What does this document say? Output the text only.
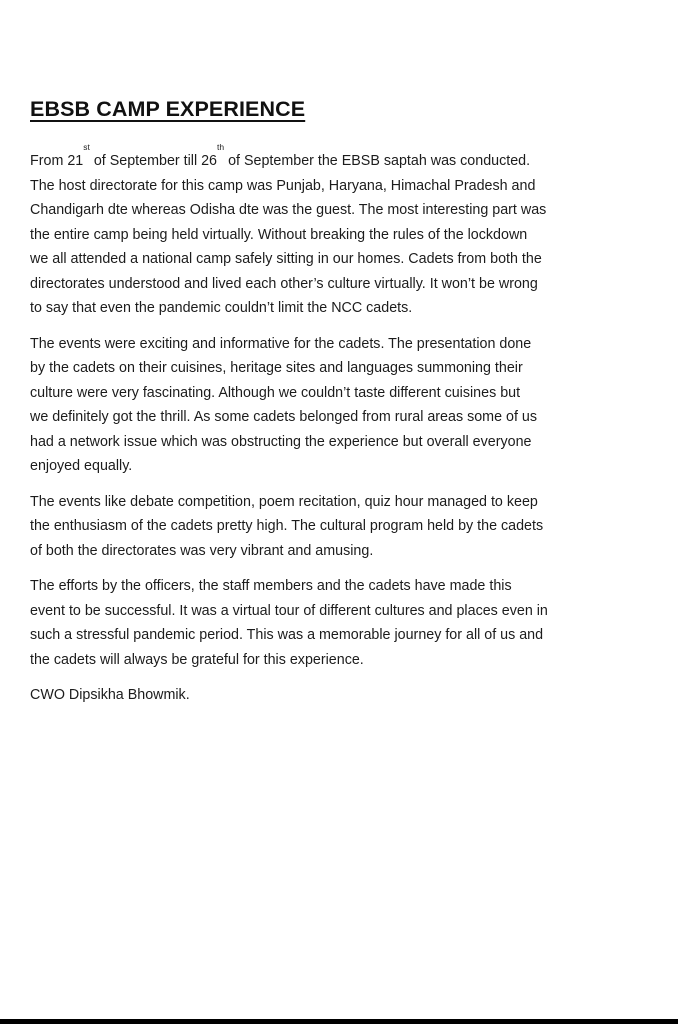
EBSB CAMP EXPERIENCE

From 21st of September till 26th of September the EBSB saptah was conducted.
The host directorate for this camp was Punjab, Haryana, Himachal Pradesh and
Chandigarh dte whereas Odisha dte was the guest. The most interesting part was
the entire camp being held virtually. Without breaking the rules of the lockdown
we all attended a national camp safely sitting in our homes. Cadets from both the
directorates understood and lived each other’s culture virtually. It won’t be wrong
to say that even the pandemic couldn’t limit the NCC cadets.

The events were exciting and informative for the cadets. The presentation done
by the cadets on their cuisines, heritage sites and languages summoning their
culture were very fascinating. Although we couldn’t taste different cuisines but
we definitely got the thrill. As some cadets belonged from rural areas some of us
had a network issue which was obstructing the experience but overall everyone
enjoyed equally.

The events like debate competition, poem recitation, quiz hour managed to keep
the enthusiasm of the cadets pretty high. The cultural program held by the cadets
of both the directorates was very vibrant and amusing.

The efforts by the officers, the staff members and the cadets have made this
event to be successful. It was a virtual tour of different cultures and places even in
such a stressful pandemic period. This was a memorable journey for all of us and
the cadets will always be grateful for this experience.

CWO Dipsikha Bhowmik.
